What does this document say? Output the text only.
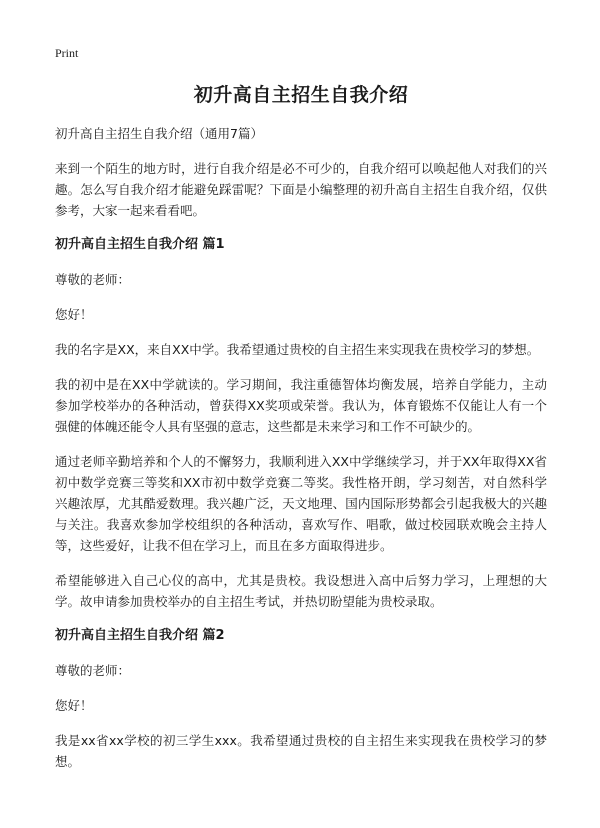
Print
初升高自主招生自我介绍

初升高自主招生自我介绍（通用7篇）

来到一个陌生的地方时，进行自我介绍是必不可少的，自我介绍可以唤起他人对我们的兴趣。怎么写自我介绍才能避免踩雷呢？下面是小编整理的初升高自主招生自我介绍，仅供参考，大家一起来看看吧。

初升高自主招生自我介绍 篇1

尊敬的老师：

您好！

我的名字是XX，来自XX中学。我希望通过贵校的自主招生来实现我在贵校学习的梦想。

我的初中是在XX中学就读的。学习期间，我注重德智体均衡发展，培养自学能力，主动参加学校举办的各种活动，曾获得XX奖项或荣誉。我认为，体育锻炼不仅能让人有一个强健的体魄还能令人具有坚强的意志，这些都是未来学习和工作不可缺少的。

通过老师辛勤培养和个人的不懈努力，我顺利进入XX中学继续学习，并于XX年取得XX省初中数学竞赛三等奖和XX市初中数学竞赛二等奖。我性格开朗，学习刻苦，对自然科学兴趣浓厚，尤其酷爱数理。我兴趣广泛，天文地理、国内国际形势都会引起我极大的兴趣与关注。我喜欢参加学校组织的各种活动，喜欢写作、唱歌，做过校园联欢晚会主持人等，这些爱好，让我不但在学习上，而且在多方面取得进步。

希望能够进入自己心仪的高中，尤其是贵校。我设想进入高中后努力学习，上理想的大学。故申请参加贵校举办的自主招生考试，并热切盼望能为贵校录取。

初升高自主招生自我介绍 篇2

尊敬的老师：

您好！

我是xx省xx学校的初三学生xxx。我希望通过贵校的自主招生来实现我在贵校学习的梦想。
